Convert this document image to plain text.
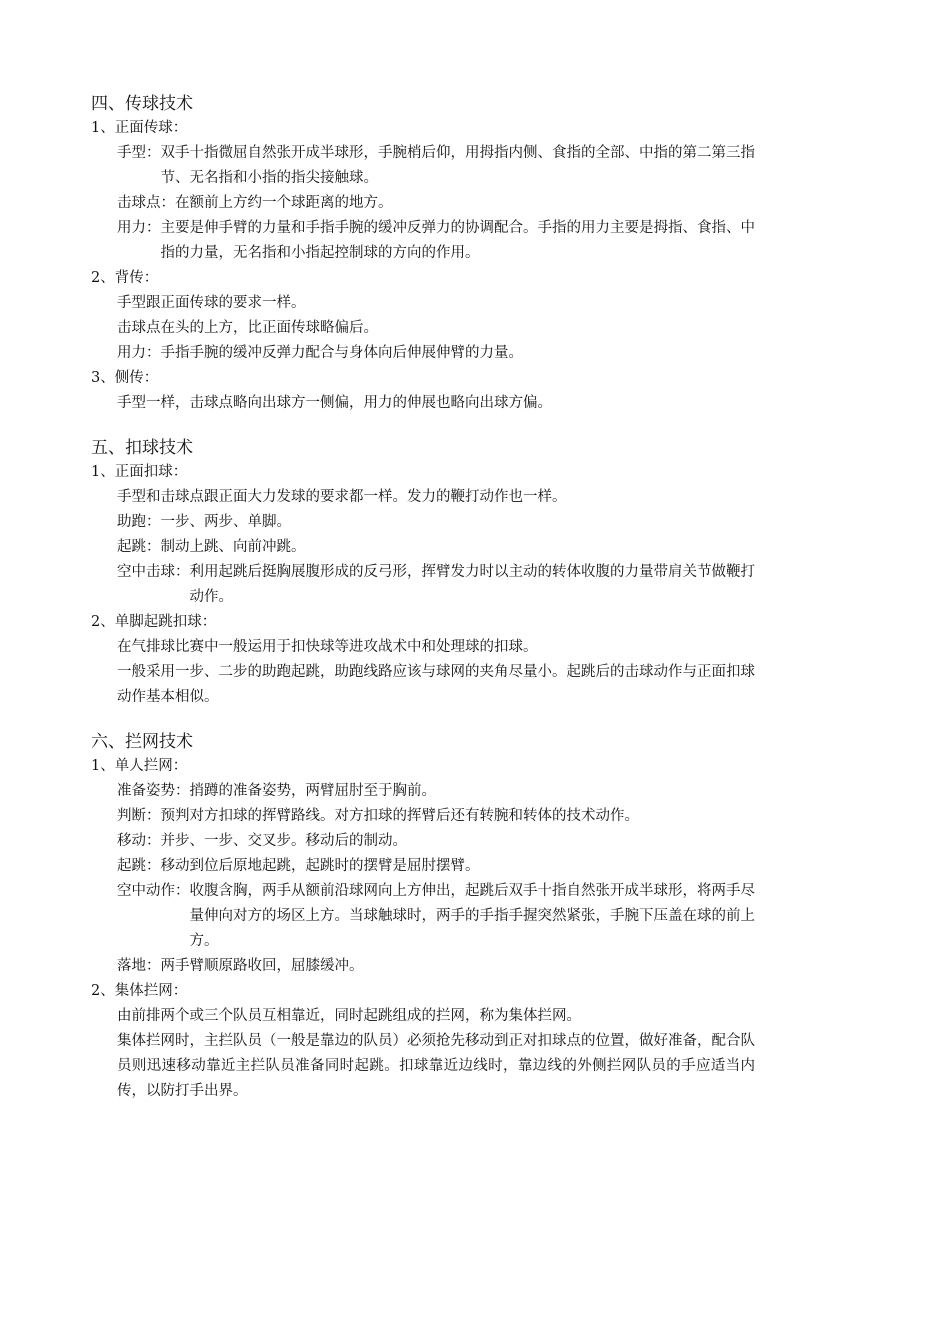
四、传球技术
1、正面传球：
手型： 双手十指微屈自然张开成半球形，手腕梢后仰，用拇指内侧、食指的全部、中指的第二第三指节、无名指和小指的指尖接触球。
击球点：在额前上方约一个球距离的地方。
用力： 主要是伸手臂的力量和手指手腕的缓冲反弹力的协调配合。手指的用力主要是拇指、食指、中指的力量，无名指和小指起控制球的方向的作用。
2、背传：
手型跟正面传球的要求一样。
击球点在头的上方，比正面传球略偏后。
用力：手指手腕的缓冲反弹力配合与身体向后伸展伸臂的力量。
3、侧传：
手型一样，击球点略向出球方一侧偏，用力的伸展也略向出球方偏。
五、扣球技术
1、正面扣球：
手型和击球点跟正面大力发球的要求都一样。发力的鞭打动作也一样。
助跑：一步、两步、单脚。
起跳：制动上跳、向前冲跳。
空中击球： 利用起跳后挺胸展腹形成的反弓形，挥臂发力时以主动的转体收腹的力量带肩关节做鞭打动作。
2、单脚起跳扣球：
在气排球比赛中一般运用于扣快球等进攻战术中和处理球的扣球。
一般采用一步、二步的助跑起跳，助跑线路应该与球网的夹角尽量小。起跳后的击球动作与正面扣球动作基本相似。
六、拦网技术
1、单人拦网：
准备姿势：捎蹲的准备姿势，两臂屈肘至于胸前。
判断：预判对方扣球的挥臂路线。对方扣球的挥臂后还有转腕和转体的技术动作。
移动：并步、一步、交叉步。移动后的制动。
起跳：移动到位后原地起跳，起跳时的摆臂是屈肘摆臂。
空中动作： 收腹含胸，两手从额前沿球网向上方伸出，起跳后双手十指自然张开成半球形，将两手尽量伸向对方的场区上方。当球触球时，两手的手指手握突然紧张，手腕下压盖在球的前上方。
落地：两手臂顺原路收回，屈膝缓冲。
2、集体拦网：
由前排两个或三个队员互相靠近，同时起跳组成的拦网，称为集体拦网。
集体拦网时，主拦队员（一般是靠边的队员）必须抢先移动到正对扣球点的位置，做好准备，配合队员则迅速移动靠近主拦队员准备同时起跳。扣球靠近边线时，靠边线的外侧拦网队员的手应适当内传，以防打手出界。
